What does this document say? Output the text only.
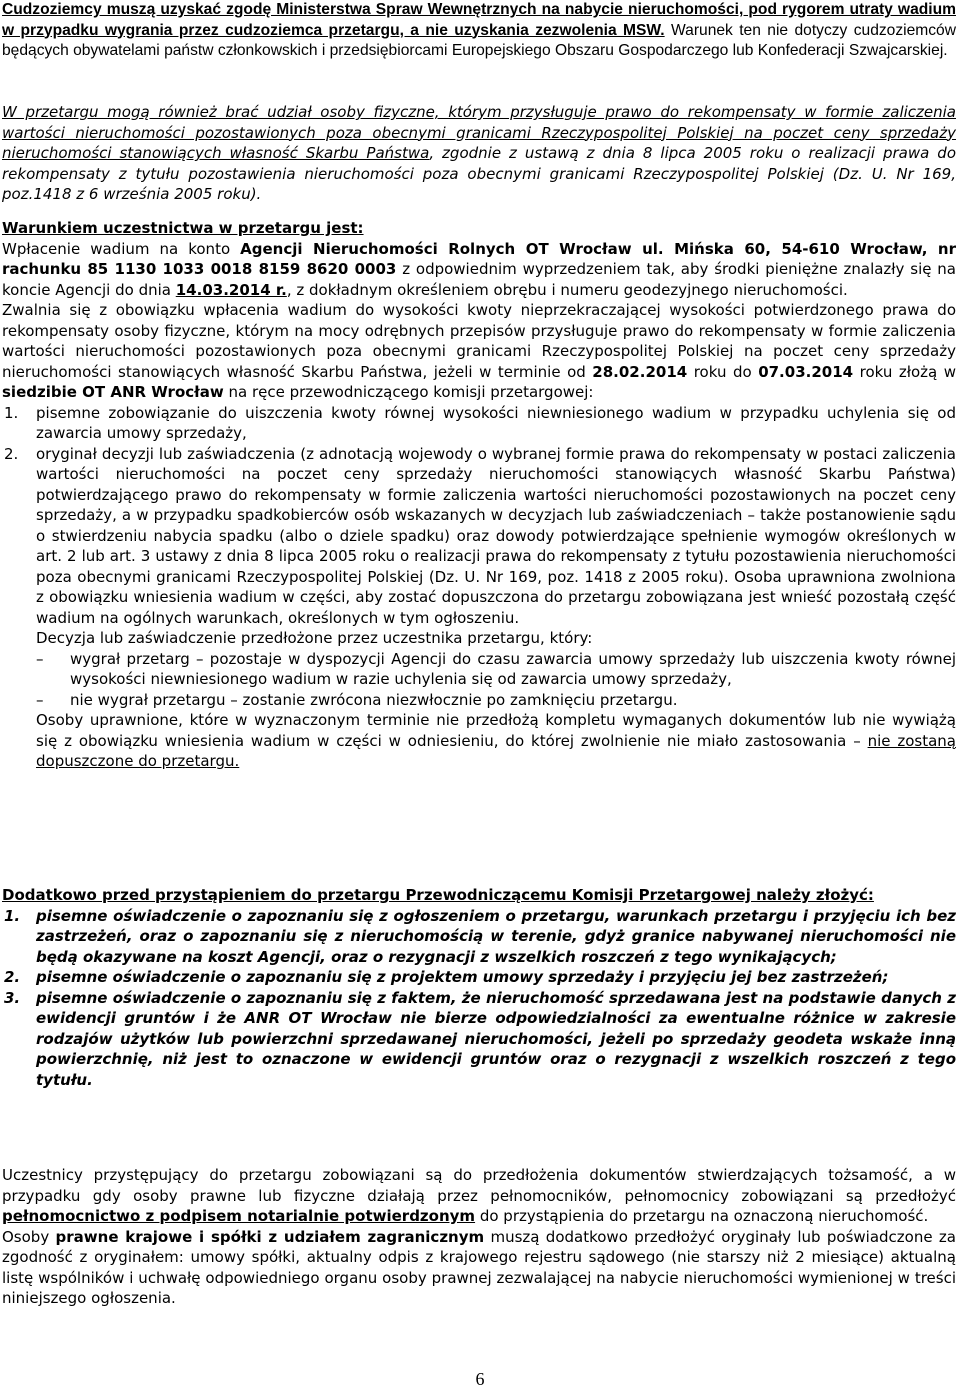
Cudzoziemcy muszą uzyskać zgodę Ministerstwa Spraw Wewnętrznych na nabycie nieruchomości, pod rygorem utraty wadium w przypadku wygrania przez cudzoziemca przetargu, a nie uzyskania zezwolenia MSW. Warunek ten nie dotyczy cudzoziemców będących obywatelami państw członkowskich i przedsiębiorcami Europejskiego Obszaru Gospodarczego lub Konfederacji Szwajcarskiej.

W przetargu mogą również brać udział osoby fizyczne, którym przysługuje prawo do rekompensaty w formie zaliczenia wartości nieruchomości pozostawionych poza obecnymi granicami Rzeczypospolitej Polskiej na poczet ceny sprzedaży nieruchomości stanowiących własność Skarbu Państwa, zgodnie z ustawą z dnia 8 lipca 2005 roku o realizacji prawa do rekompensaty z tytułu pozostawienia nieruchomości poza obecnymi granicami Rzeczypospolitej Polskiej (Dz. U. Nr 169, poz.1418 z 6 września 2005 roku).

Warunkiem uczestnictwa w przetargu jest:
Wpłacenie wadium na konto Agencji Nieruchomości Rolnych OT Wrocław ul. Mińska 60, 54-610 Wrocław, nr rachunku 85 1130 1033 0018 8159 8620 0003 z odpowiednim wyprzedzeniem tak, aby środki pieniężne znalazły się na koncie Agencji do dnia 14.03.2014 r., z dokładnym określeniem obrębu i numeru geodezyjnego nieruchomości.
Zwalnia się z obowiązku wpłacenia wadium do wysokości kwoty nieprzekraczającej wysokości potwierdzonego prawa do rekompensaty osoby fizyczne, którym na mocy odrębnych przepisów przysługuje prawo do rekompensaty w formie zaliczenia wartości nieruchomości pozostawionych poza obecnymi granicami Rzeczypospolitej Polskiej na poczet ceny sprzedaży nieruchomości stanowiących własność Skarbu Państwa, jeżeli w terminie od 28.02.2014 roku do 07.03.2014 roku złożą w siedzibie OT ANR Wrocław na ręce przewodniczącego komisji przetargowej:
1. pisemne zobowiązanie do uiszczenia kwoty równej wysokości niewniesionego wadium w przypadku uchylenia się od zawarcia umowy sprzedaży,
2. oryginał decyzji lub zaświadczenia (z adnotacją wojewody o wybranej formie prawa do rekompensaty w postaci zaliczenia wartości nieruchomości na poczet ceny sprzedaży nieruchomości stanowiących własność Skarbu Państwa) potwierdzającego prawo do rekompensaty w formie zaliczenia wartości nieruchomości pozostawionych na poczet ceny sprzedaży, a w przypadku spadkobierców osób wskazanych w decyzjach lub zaświadczeniach – także postanowienie sądu o stwierdzeniu nabycia spadku (albo o dziele spadku) oraz dowody potwierdzające spełnienie wymogów określonych w art. 2 lub art. 3 ustawy z dnia 8 lipca 2005 roku o realizacji prawa do rekompensaty z tytułu pozostawienia nieruchomości poza obecnymi granicami Rzeczypospolitej Polskiej (Dz. U. Nr 169, poz. 1418 z 2005 roku). Osoba uprawniona zwolniona z obowiązku wniesienia wadium w części, aby zostać dopuszczona do przetargu zobowiązana jest wnieść pozostałą część wadium na ogólnych warunkach, określonych w tym ogłoszeniu.
Decyzja lub zaświadczenie przedłożone przez uczestnika przetargu, który:
– wygrał przetarg – pozostaje w dyspozycji Agencji do czasu zawarcia umowy sprzedaży lub uiszczenia kwoty równej wysokości niewniesionego wadium w razie uchylenia się od zawarcia umowy sprzedaży,
– nie wygrał przetargu – zostanie zwrócona niezwłocznie po zamknięciu przetargu.
Osoby uprawnione, które w wyznaczonym terminie nie przedłożą kompletu wymaganych dokumentów lub nie wywiążą się z obowiązku wniesienia wadium w części w odniesieniu, do której zwolnienie nie miało zastosowania – nie zostaną dopuszczone do przetargu.
Dodatkowo przed przystąpieniem do przetargu Przewodniczącemu Komisji Przetargowej należy złożyć:
1. pisemne oświadczenie o zapoznaniu się z ogłoszeniem o przetargu, warunkach przetargu i przyjęciu ich bez zastrzeżeń, oraz o zapoznaniu się z nieruchomością w terenie, gdyż granice nabywanej nieruchomości nie będą okazywane na koszt Agencji, oraz o rezygnacji z wszelkich roszczeń z tego wynikających;
2. pisemne oświadczenie o zapoznaniu się z projektem umowy sprzedaży i przyjęciu jej bez zastrzeżeń;
3. pisemne oświadczenie o zapoznaniu się z faktem, że nieruchomość sprzedawana jest na podstawie danych z ewidencji gruntów i że ANR OT Wrocław nie bierze odpowiedzialności za ewentualne różnice w zakresie rodzajów użytków lub powierzchni sprzedawanej nieruchomości, jeżeli po sprzedaży geodeta wskaże inną powierzchnię, niż jest to oznaczone w ewidencji gruntów oraz o rezygnacji z wszelkich roszczeń z tego tytułu.
Uczestnicy przystępujący do przetargu zobowiązani są do przedłożenia dokumentów stwierdzających tożsamość, a w przypadku gdy osoby prawne lub fizyczne działają przez pełnomocników, pełnomocnicy zobowiązani są przedłożyć pełnomocnictwo z podpisem notarialnie potwierdzonym do przystąpienia do przetargu na oznaczoną nieruchomość.
Osoby prawne krajowe i spółki z udziałem zagranicznym muszą dodatkowo przedłożyć oryginały lub poświadczone za zgodność z oryginałem: umowy spółki, aktualny odpis z krajowego rejestru sądowego (nie starszy niż 2 miesiące) aktualną listę wspólników i uchwałę odpowiedniego organu osoby prawnej zezwalającej na nabycie nieruchomości wymienionej w treści niniejszego ogłoszenia.
6
